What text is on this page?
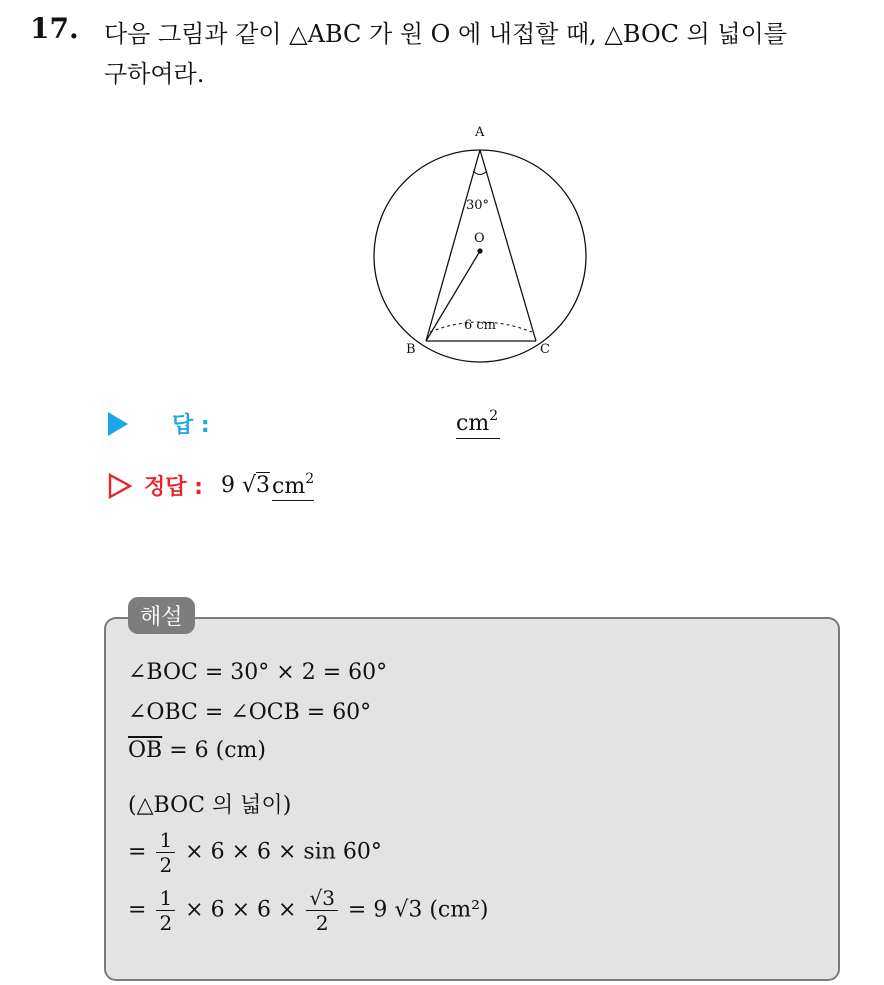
17. 다음 그림과 같이 △ABC 가 원 O 에 내접할 때, △BOC 의 넓이를
구하여라.
A
B	C
O
30°
6 cm
답 :	$cm^2$
정답 : 9 √3 $cm^2$
해설
∠BOC = 30° × 2 = 60°
∠OBC = ∠OCB = 60°
$\overline{OB} = 6$ (cm)
(△BOC 의 넓이)
= $\frac{1}{2} \times 6 \times 6 \times \sin 60^\circ$
= $\frac{1}{2} \times 6 \times 6 \times \frac{√3}{2} = 9$ √3 (cm²)
